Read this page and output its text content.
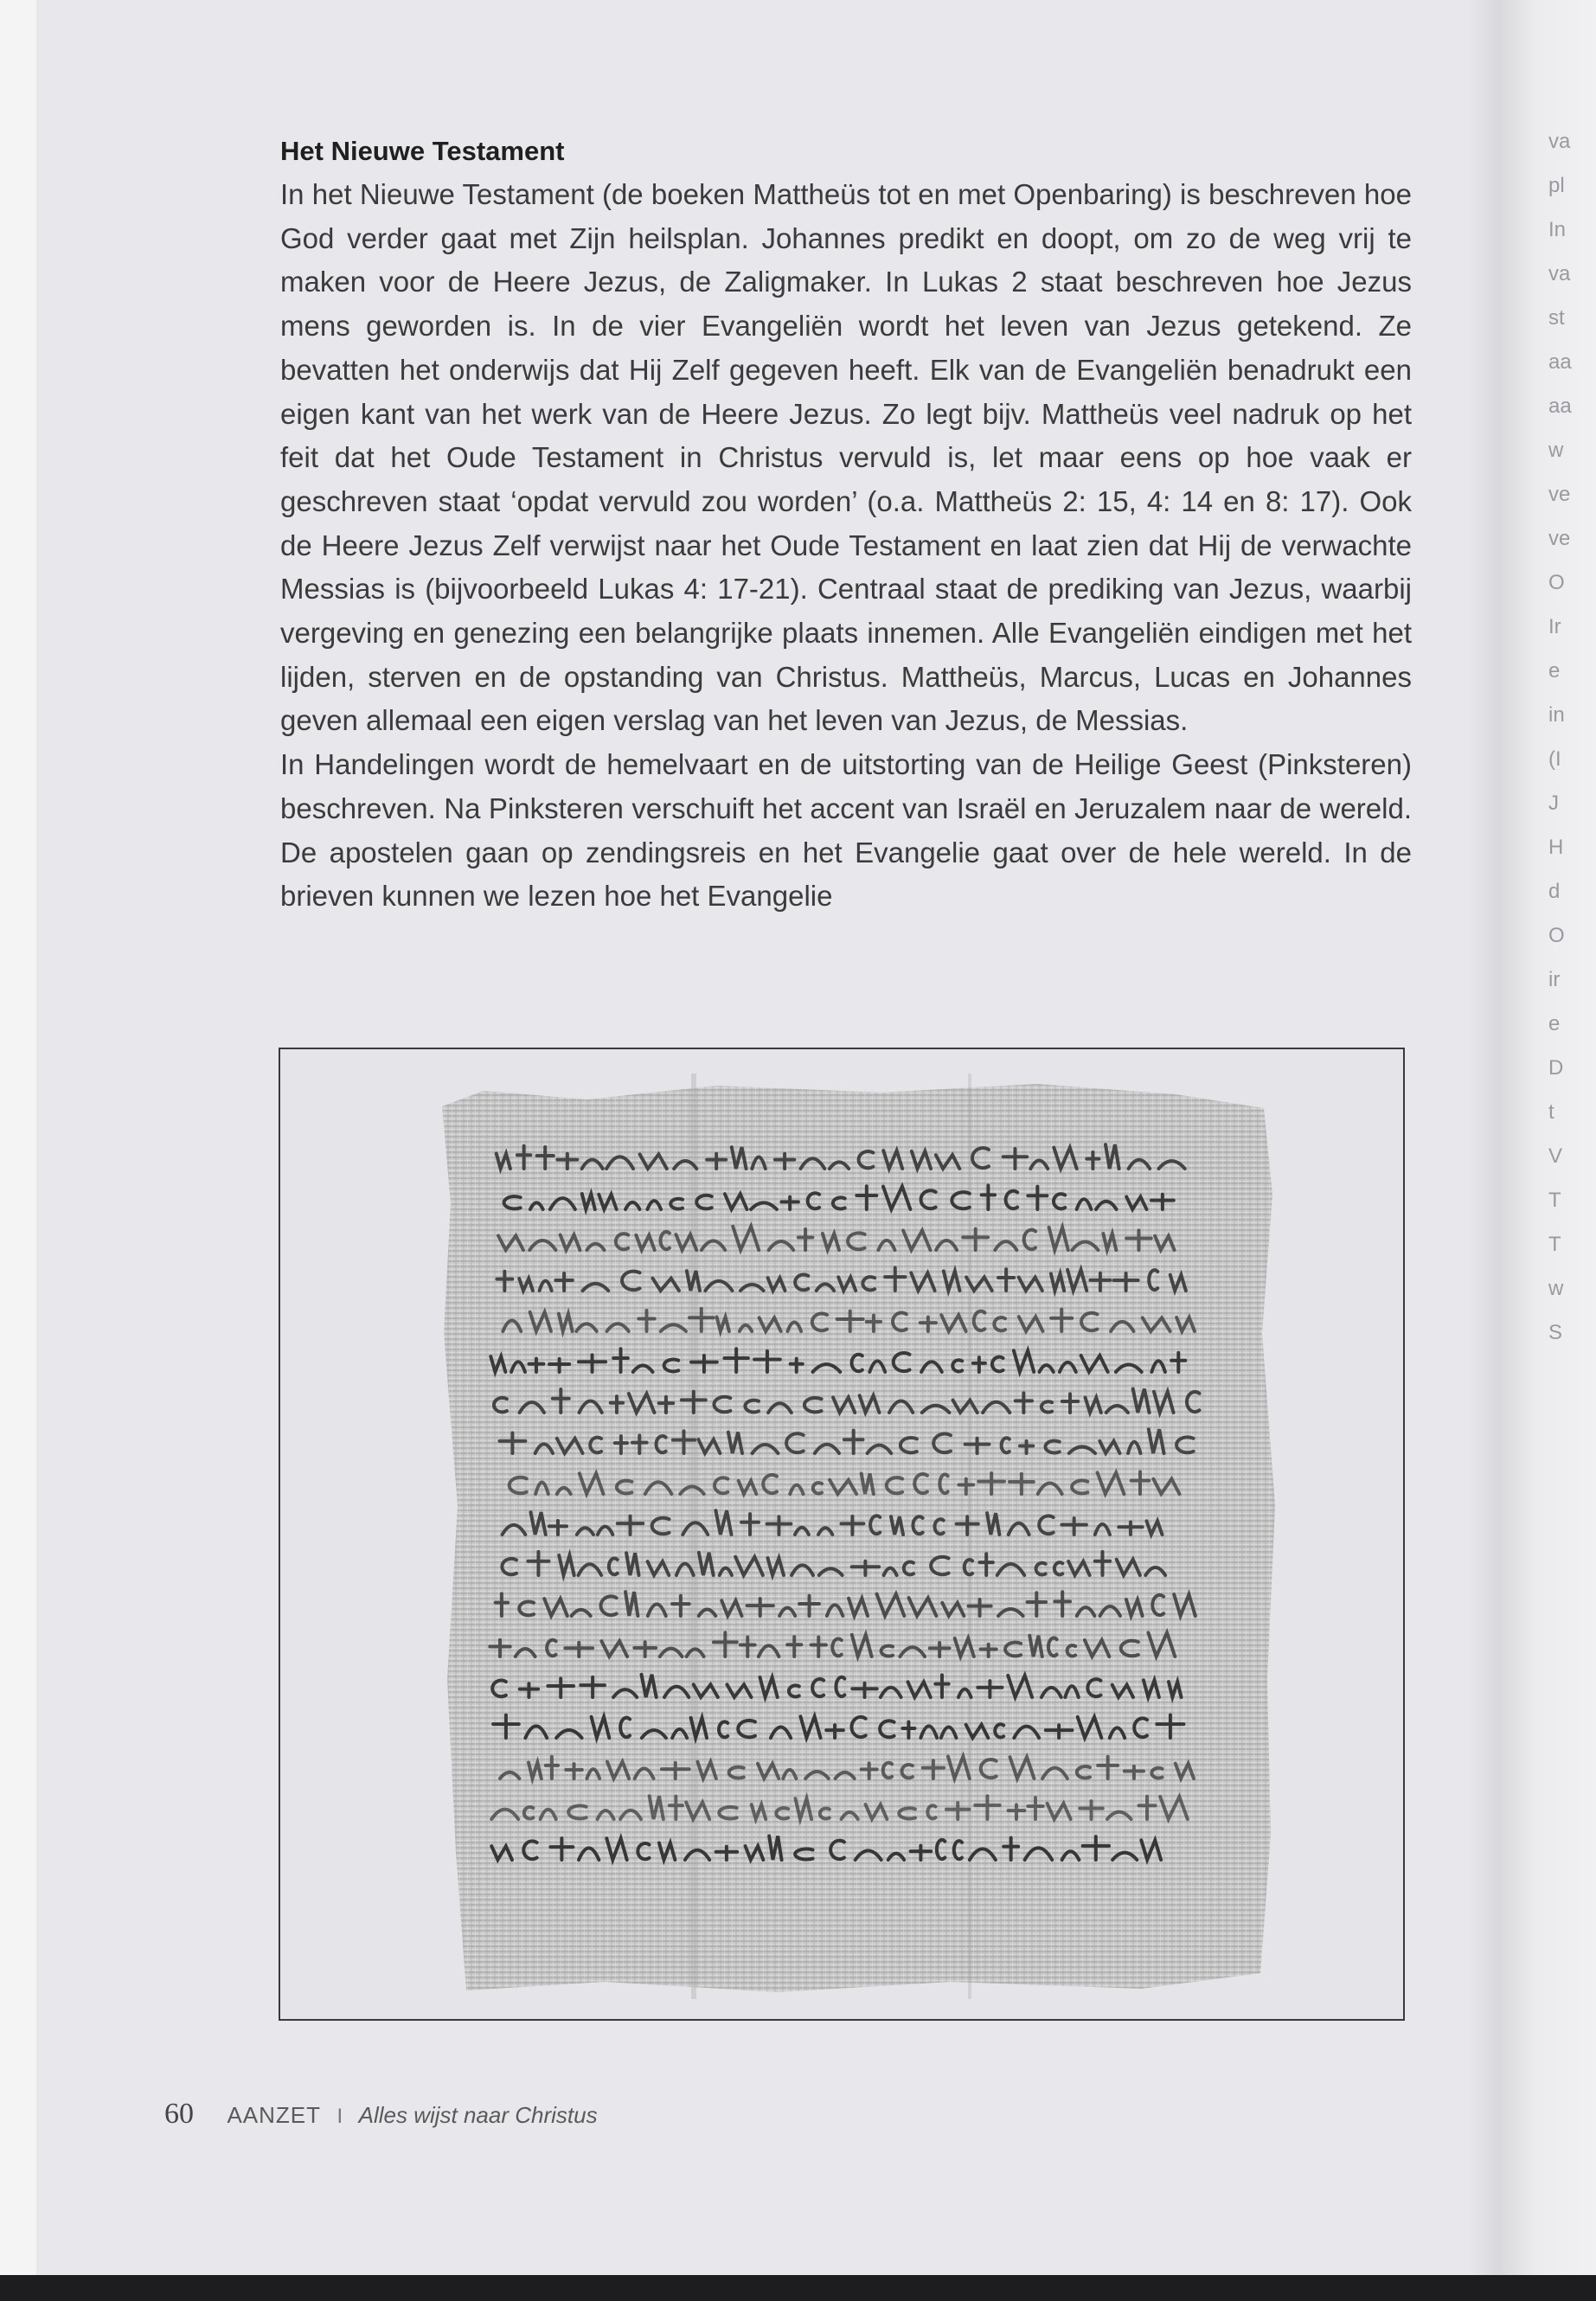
va
pl
In
va
st
aa
aa
w
ve
ve
O
Ir
e
in
(I
J
H
d
O
ir
e
D
t
V
T
T
w
S
Het Nieuwe Testament

In het Nieuwe Testament (de boeken Mattheüs tot en met Openbaring) is beschreven hoe God verder gaat met Zijn heilsplan. Johannes predikt en doopt, om zo de weg vrij te maken voor de Heere Jezus, de Zaligmaker. In Lukas 2 staat beschreven hoe Jezus mens geworden is. In de vier Evangeliën wordt het leven van Jezus getekend. Ze bevatten het onderwijs dat Hij Zelf gegeven heeft. Elk van de Evangeliën benadrukt een eigen kant van het werk van de Heere Jezus. Zo legt bijv. Mattheüs veel nadruk op het feit dat het Oude Testament in Christus vervuld is, let maar eens op hoe vaak er geschreven staat ‘opdat vervuld zou worden’ (o.a. Mattheüs 2: 15, 4: 14 en 8: 17). Ook de Heere Jezus Zelf verwijst naar het Oude Testament en laat zien dat Hij de verwachte Messias is (bijvoorbeeld Lukas 4: 17-21). Centraal staat de prediking van Jezus, waarbij vergeving en genezing een belangrijke plaats innemen. Alle Evangeliën eindigen met het lijden, sterven en de opstanding van Christus. Mattheüs, Marcus, Lucas en Johannes geven allemaal een eigen verslag van het leven van Jezus, de Messias.

In Handelingen wordt de hemelvaart en de uitstorting van de Heilige Geest (Pinksteren) beschreven. Na Pinksteren verschuift het accent van Israël en Jeruzalem naar de wereld. De apostelen gaan op zendingsreis en het Evangelie gaat over de hele wereld. In de brieven kunnen we lezen hoe het Evangelie

60 AANZET I Alles wijst naar Christus
